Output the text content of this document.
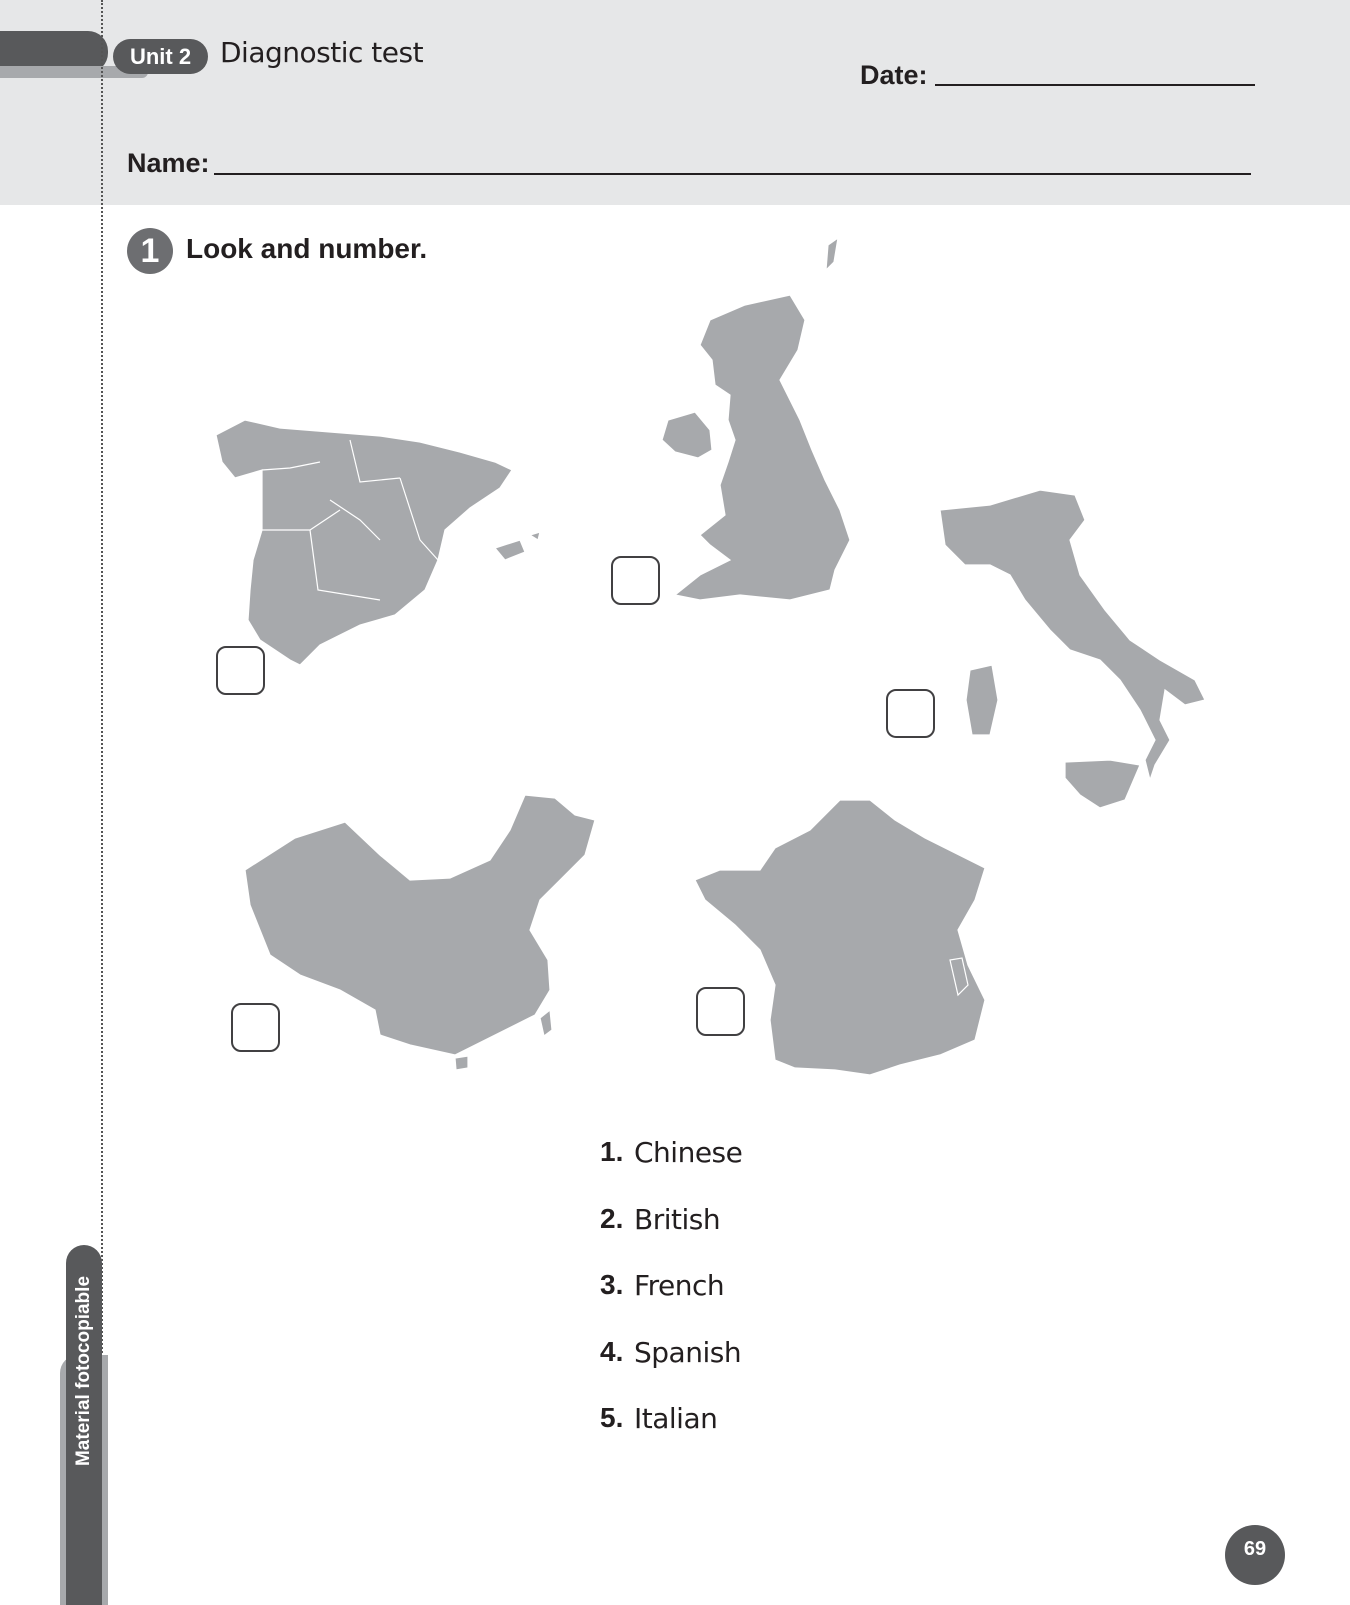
Unit 2	Diagnostic test
Date:
Name:
1 Look and number.
1. Chinese
2. British
3. French
4. Spanish
5. Italian
Material fotocopiable
69
